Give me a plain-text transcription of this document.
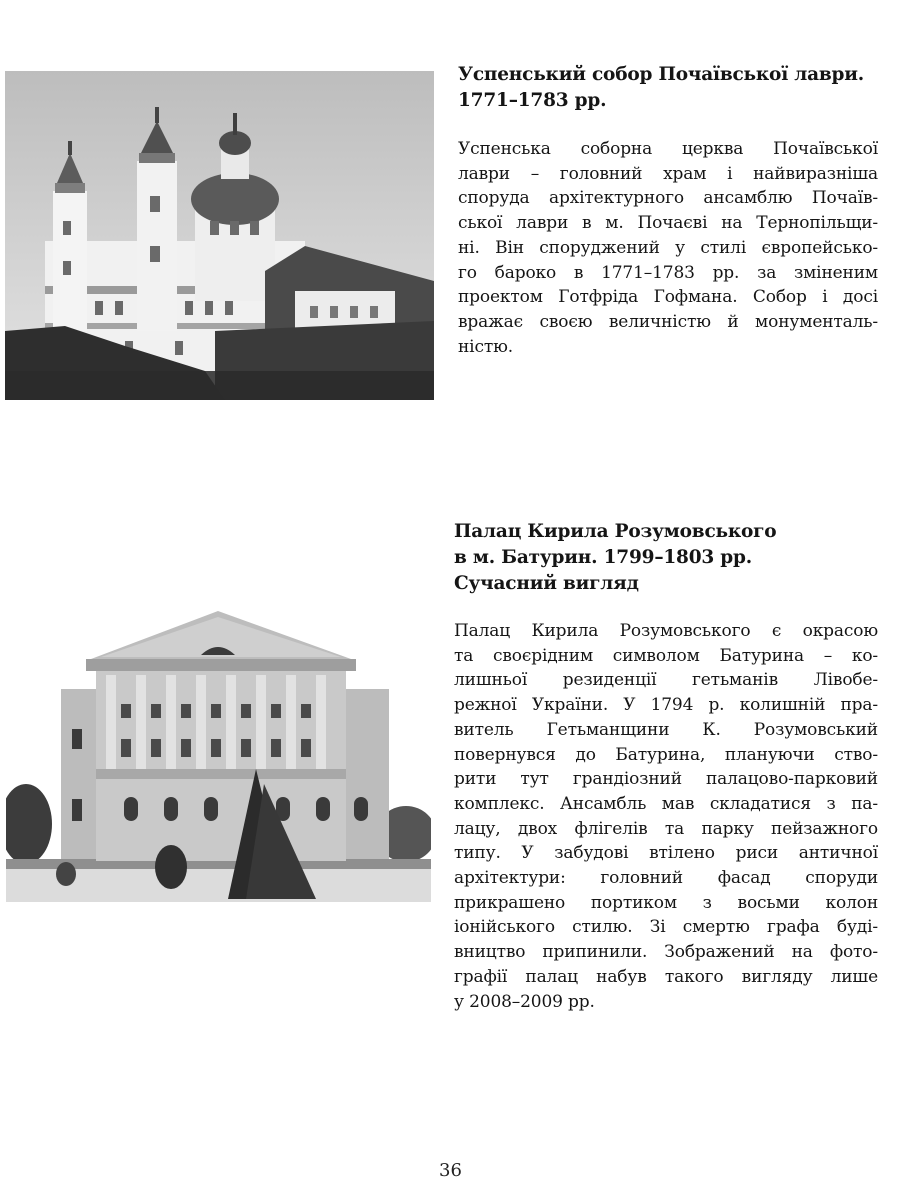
Успенський собор Почаївської лаври.
1771–1783 рр.
Успенська соборна церква Почаївської
лаври – головний храм і найвиразніша
споруда архітектурного ансамблю Почаїв-
ської лаври в м. Почаєві на Тернопільщи-
ні. Він споруджений у стилі європейсько-
го бароко в 1771–1783 рр. за зміненим
проектом Готфріда Гофмана. Собор і досі
вражає своєю величністю й монументаль-
ністю.
Палац Кирила Розумовського
в м. Батурин. 1799–1803 рр.
Сучасний вигляд
Палац Кирила Розумовського є окрасою
та своєрідним символом Батурина – ко-
лишньої резиденції гетьманів Лівобе-
режної України. У 1794 р. колишній пра-
витель Гетьманщини К. Розумовський
повернувся до Батурина, плануючи ство-
рити тут грандіозний палацово-парковий
комплекс. Ансамбль мав складатися з па-
лацу, двох флігелів та парку пейзажного
типу. У забудові втілено риси античної
архітектури: головний фасад споруди
прикрашено портиком з восьми колон
іонійського стилю. Зі смертю графа буді-
вництво припинили. Зображений на фото-
графії палац набув такого вигляду лише
у 2008–2009 рр.
36
